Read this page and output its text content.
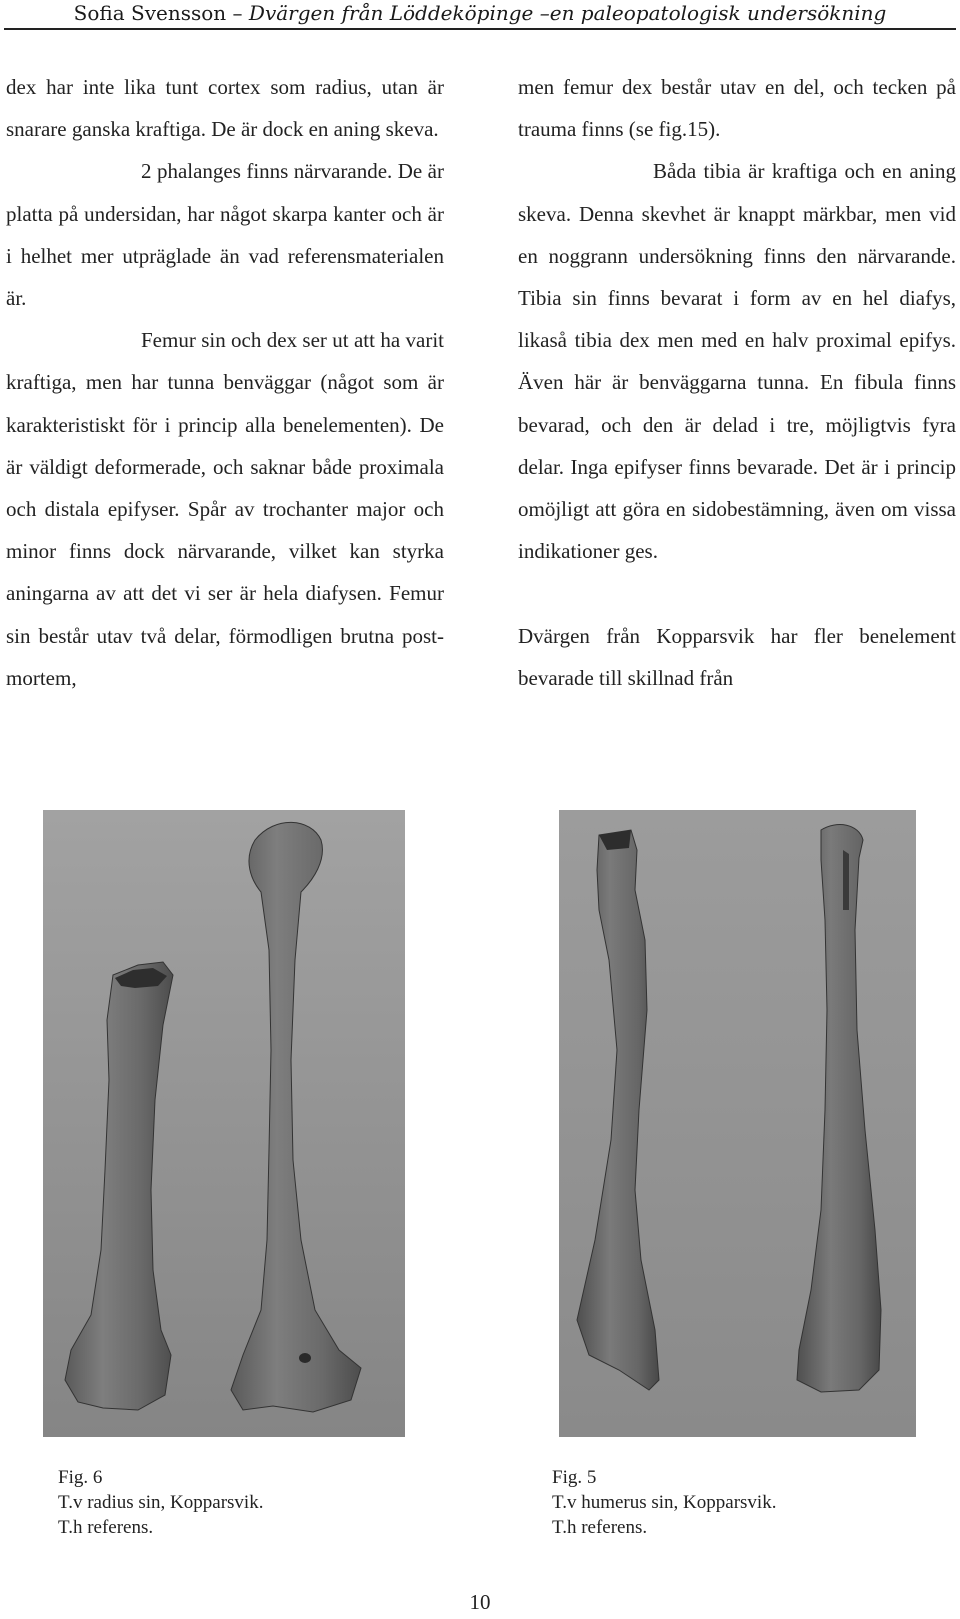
Sofia Svensson – Dvärgen från Löddeköpinge –en paleopatologisk undersökning

dex har inte lika tunt cortex som radius, utan är snarare ganska kraftiga. De är dock en aning skeva.

2 phalanges finns närvarande. De är platta på undersidan, har något skarpa kanter och är i helhet mer utpräglade än vad referensmaterialen är.

Femur sin och dex ser ut att ha varit kraftiga, men har tunna benväggar (något som är karakteristiskt för i princip alla benelementen). De är väldigt deformerade, och saknar både proximala och distala epifyser. Spår av trochanter major och minor finns dock närvarande, vilket kan styrka aningarna av att det vi ser är hela diafysen. Femur sin består utav två delar, förmodligen brutna post-mortem,

men femur dex består utav en del, och tecken på trauma finns (se fig.15).

Båda tibia är kraftiga och en aning skeva. Denna skevhet är knappt märkbar, men vid en noggrann undersökning finns den närvarande. Tibia sin finns bevarat i form av en hel diafys, likaså tibia dex men med en halv proximal epifys. Även här är benväggarna tunna. En fibula finns bevarad, och den är delad i tre, möjligtvis fyra delar. Inga epifyser finns bevarade. Det är i princip omöjligt att göra en sidobestämning, även om vissa indikationer ges.

Dvärgen från Kopparsvik har fler benelement bevarade till skillnad från

Fig. 6
T.v radius sin, Kopparsvik.
T.h referens.
Fig. 5
T.v humerus sin, Kopparsvik.
T.h referens.
10
